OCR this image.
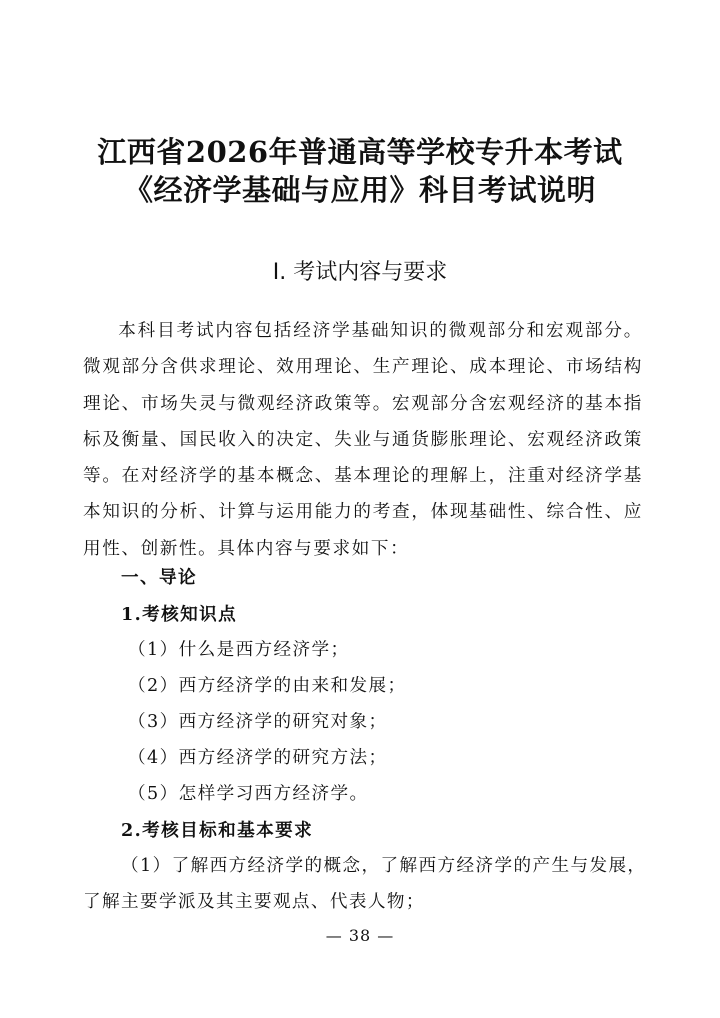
江西省2026年普通高等学校专升本考试
《经济学基础与应用》科目考试说明
Ⅰ. 考试内容与要求

本科目考试内容包括经济学基础知识的微观部分和宏观部分。微观部分含供求理论、效用理论、生产理论、成本理论、市场结构理论、市场失灵与微观经济政策等。宏观部分含宏观经济的基本指标及衡量、国民收入的决定、失业与通货膨胀理论、宏观经济政策等。在对经济学的基本概念、基本理论的理解上，注重对经济学基本知识的分析、计算与运用能力的考查，体现基础性、综合性、应用性、创新性。具体内容与要求如下：

一、导论
1.考核知识点
（1）什么是西方经济学；
（2）西方经济学的由来和发展；
（3）西方经济学的研究对象；
（4）西方经济学的研究方法；
（5）怎样学习西方经济学。
2.考核目标和基本要求
（1）了解西方经济学的概念，了解西方经济学的产生与发展，
了解主要学派及其主要观点、代表人物；
— 38 —
